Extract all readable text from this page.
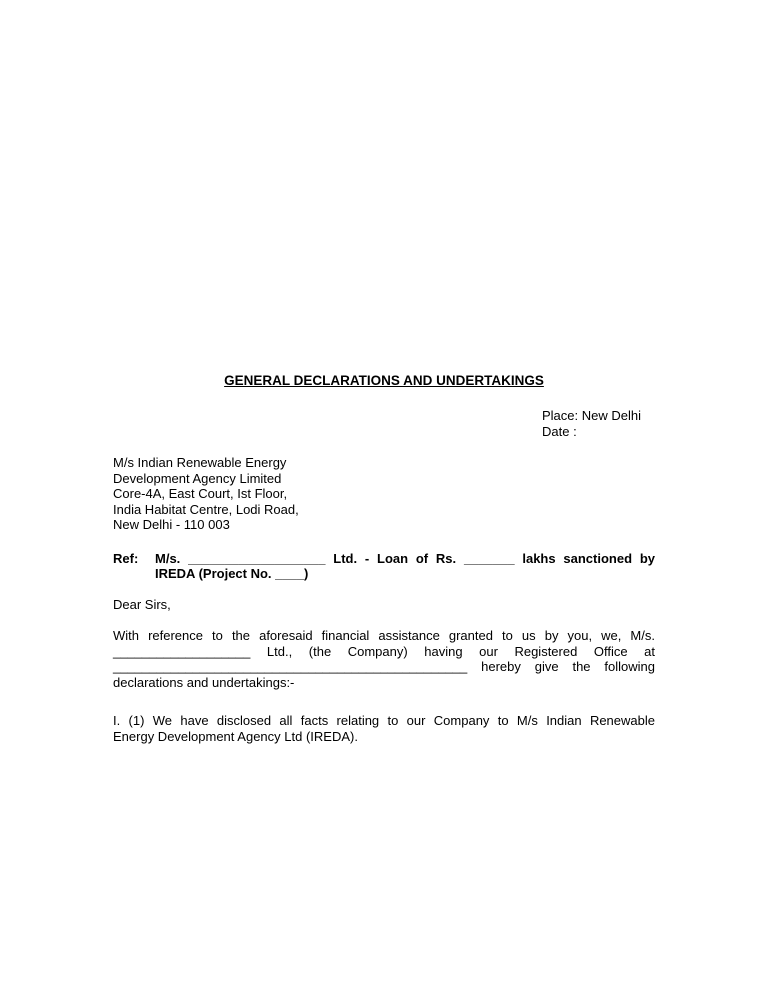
GENERAL DECLARATIONS AND UNDERTAKINGS
Place: New Delhi
Date :
M/s Indian Renewable Energy
Development Agency Limited
Core-4A, East Court, Ist Floor,
India Habitat Centre, Lodi Road,
New Delhi - 110 003
Ref:	M/s. ___________________ Ltd. - Loan of Rs. _______ lakhs sanctioned by
IREDA (Project No. ____)
Dear Sirs,
With reference to the aforesaid financial assistance granted to us by you, we, M/s.
___________________ Ltd., (the Company) having our Registered Office at
_________________________________________________ hereby give the following
declarations and undertakings:-
I. (1) We have disclosed all facts relating to our Company to M/s Indian Renewable
Energy Development Agency Ltd (IREDA).
